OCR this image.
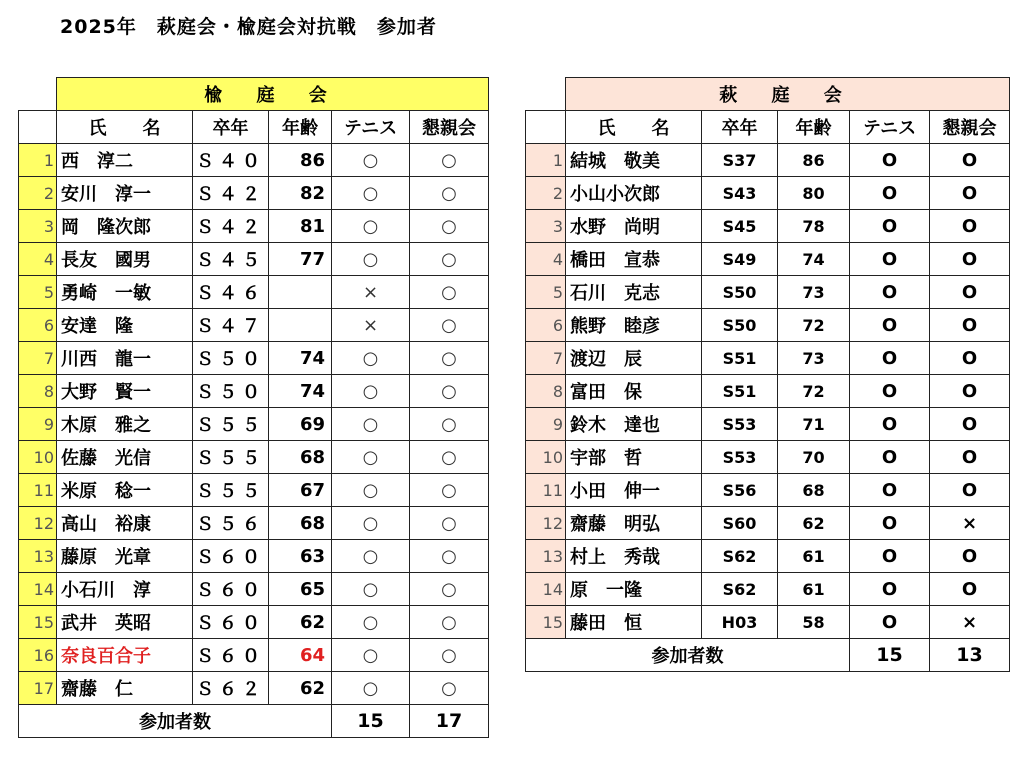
2025年　萩庭会・楡庭会対抗戦　参加者
	楡 庭 会				
	氏　　名	卒年	年齢	テニス	懇親会
1	西　淳二	Ｓ４０	86	○	○
2	安川　淳一	Ｓ４２	82	○	○
3	岡　隆次郎	Ｓ４２	81	○	○
4	長友　國男	Ｓ４５	77	○	○
5	勇崎　一敏	Ｓ４６		×	○
6	安達　隆	Ｓ４７		×	○
7	川西　龍一	Ｓ５０	74	○	○
8	大野　賢一	Ｓ５０	74	○	○
9	木原　雅之	Ｓ５５	69	○	○
10	佐藤　光信	Ｓ５５	68	○	○
11	米原　稔一	Ｓ５５	67	○	○
12	高山　裕康	Ｓ５６	68	○	○
13	藤原　光章	Ｓ６０	63	○	○
14	小石川　淳	Ｓ６０	65	○	○
15	武井　英昭	Ｓ６０	62	○	○
16	奈良百合子	Ｓ６０	64	○	○
17	齋藤　仁	Ｓ６２	62	○	○
参加者数				15	17
	萩 庭 会				
	氏　　名	卒年	年齢	テニス	懇親会
1	結城　敬美	S37	86	O	O
2	小山小次郎	S43	80	O	O
3	水野　尚明	S45	78	O	O
4	橋田　宣恭	S49	74	O	O
5	石川　克志	S50	73	O	O
6	熊野　睦彦	S50	72	O	O
7	渡辺　辰	S51	73	O	O
8	富田　保	S51	72	O	O
9	鈴木　達也	S53	71	O	O
10	宇部　哲	S53	70	O	O
11	小田　伸一	S56	68	O	O
12	齋藤　明弘	S60	62	O	×
13	村上　秀哉	S62	61	O	O
14	原　一隆	S62	61	O	O
15	藤田　恒	H03	58	O	×
参加者数				15	13
